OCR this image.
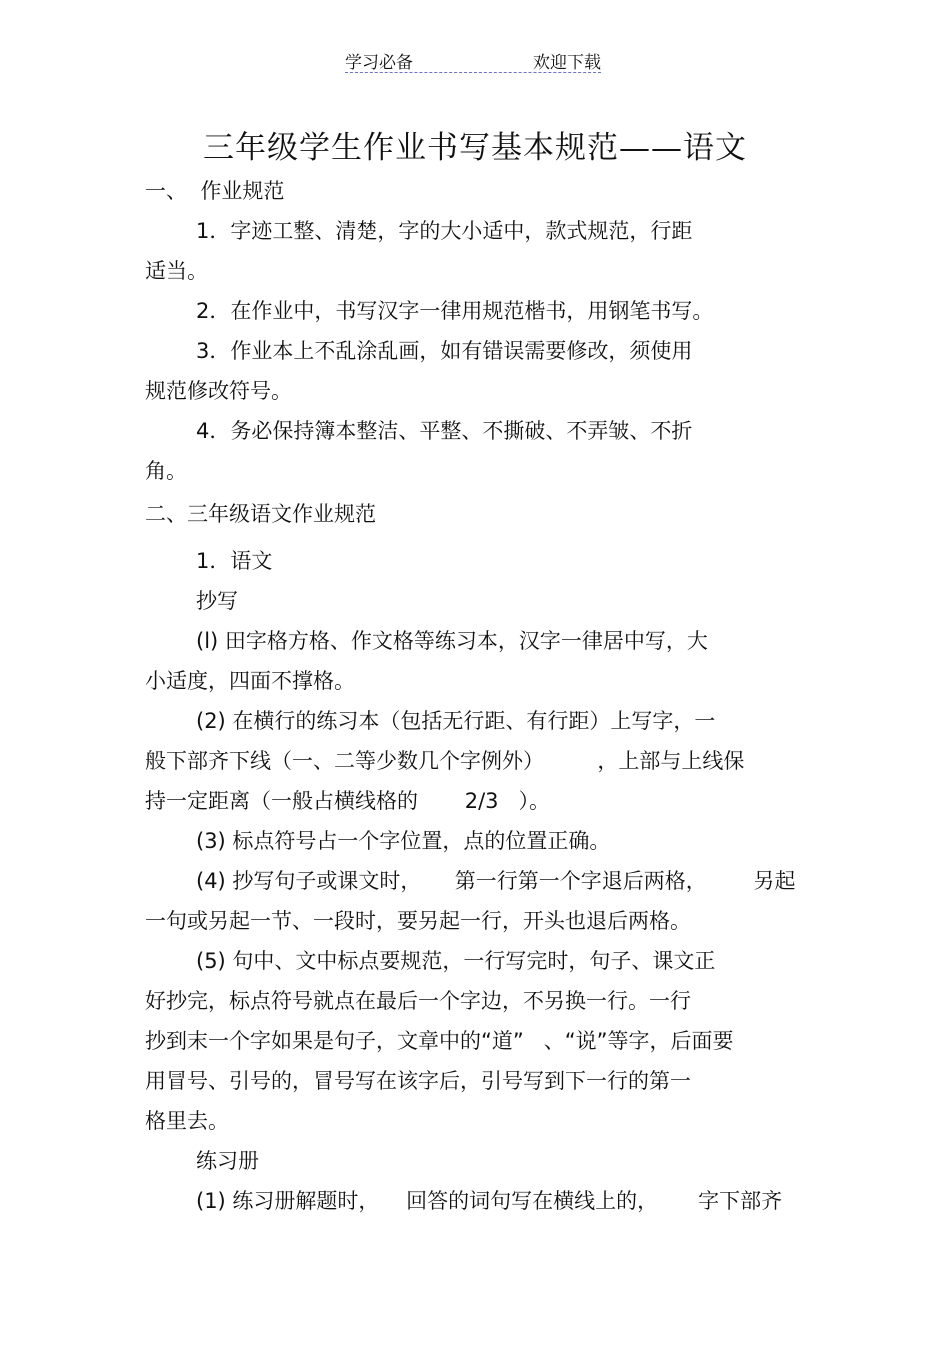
学习必备	欢迎下载
三年级学生作业书写基本规范——语文
一、  作业规范
1．字迹工整、清楚，字的大小适中，款式规范，行距
适当。
2．在作业中，书写汉字一律用规范楷书，用钢笔书写。
3．作业本上不乱涂乱画，如有错误需要修改，须使用
规范修改符号。
4．务必保持簿本整洁、平整、不撕破、不弄皱、不折
角。
二、三年级语文作业规范
1．语文
抄写
(l) 田字格方格、作文格等练习本，汉字一律居中写，大
小适度，四面不撑格。
(2) 在横行的练习本（包括无行距、有行距）上写字，一
般下部齐下线（一、二等少数几个字例外）        ，上部与上线保
持一定距离（一般占横线格的       2/3   ）。
(3) 标点符号占一个字位置，点的位置正确。
(4) 抄写句子或课文时，     第一行第一个字退后两格，       另起
一句或另起一节、一段时，要另起一行，开头也退后两格。
(5) 句中、文中标点要规范，一行写完时，句子、课文正
好抄完，标点符号就点在最后一个字边，不另换一行。一行
抄到末一个字如果是句子，文章中的“道”   、“说”等字，后面要
用冒号、引号的，冒号写在该字后，引号写到下一行的第一
格里去。
练习册
(1) 练习册解题时，    回答的词句写在横线上的，      字下部齐
